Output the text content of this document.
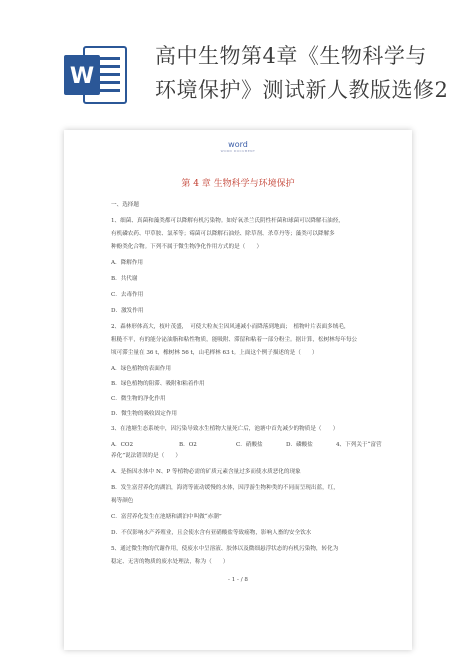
W
高中生物第4章《生物科学与
环境保护》测试新人教版选修2
word
WORD DOCUMENT
第 4 章 生物科学与环境保护
一、选择题
1、细菌、真菌和藻类都可以降解有机污染物。如好氧杀兰氏阴性杆菌和球菌可以降解石油烃，
有机磷农药、甲草胺、氯苯等；霉菌可以降解石油烃、除草剂、杀草丹等；藻类可以降解多
种酚类化合物。下列不属于微生物净化作用方式的是（　　）
A．降解作用
B．共代谢
C．去毒作用
D．激发作用
2、森林形体高大，枝叶茂盛，　可使大粒灰尘因风速减小而降落到地面；　植物叶片表面多绒毛，
粗糙不平，有的能分泌油脂和粘性物质，能吸附、滞留和粘着一部分粉尘。据计算，松树林每年每公
顷可滞尘量在 36 t，橡树林 56 t，山毛榉林 63 t。上面这个例子描述的是（　　）
A．绿色植物的表面作用
B．绿色植物的阻滞、吸附和粘着作用
C．微生物的净化作用
D．微生物的吸收固定作用
3、在池塘生态系统中，因污染导致水生植物大量死亡后，池塘中首先减少的物质是（　　）
A．CO2	B．O2	C．硝酸盐	D．磷酸盐	4、下列关于“富营
养化”说法错误的是（　　）
A．是指因水体中 N、P 等植物必需的矿质元素含量过多而使水质恶化的现象
B．发生富营养化的湖泊，海湾等流动缓慢的水体，因浮游生物种类的不同而呈现出蓝，红，
褐等颜色
C．富营养化发生在池塘和湖泊中叫做“赤潮”
D．不仅影响水产养殖业，且会使水含有亚硝酸盐等致癌物，影响人畜的安全饮水
5、通过微生物的代谢作用，使废水中呈溶液、胶体以及微细悬浮状态的有机污染物，转化为
稳定、无害的物质的废水处理法，称为（　　）
- 1 - / 8
